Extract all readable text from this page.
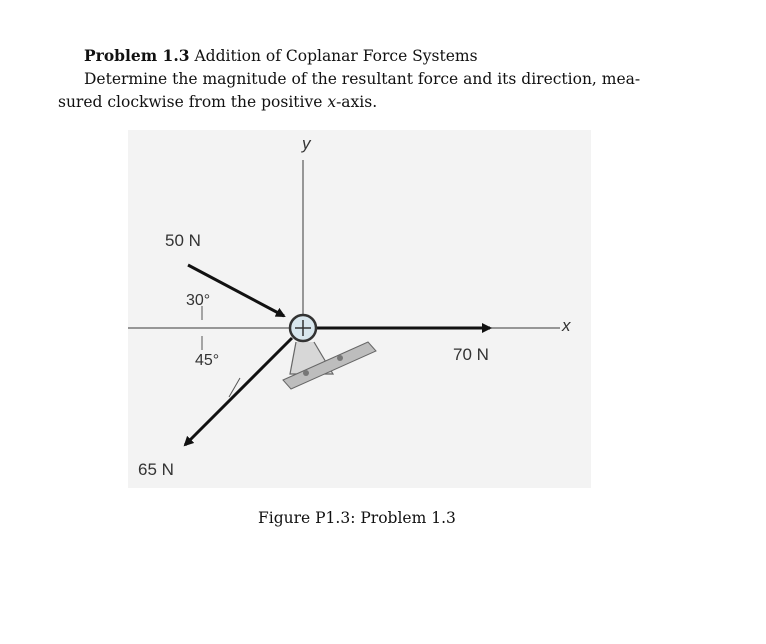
Problem 1.3 Addition of Coplanar Force Systems
Determine the magnitude of the resultant force and its direction, mea-
sured clockwise from the positive x-axis.
y
x
50 N
30°
45°
65 N
70 N
Figure P1.3: Problem 1.3
